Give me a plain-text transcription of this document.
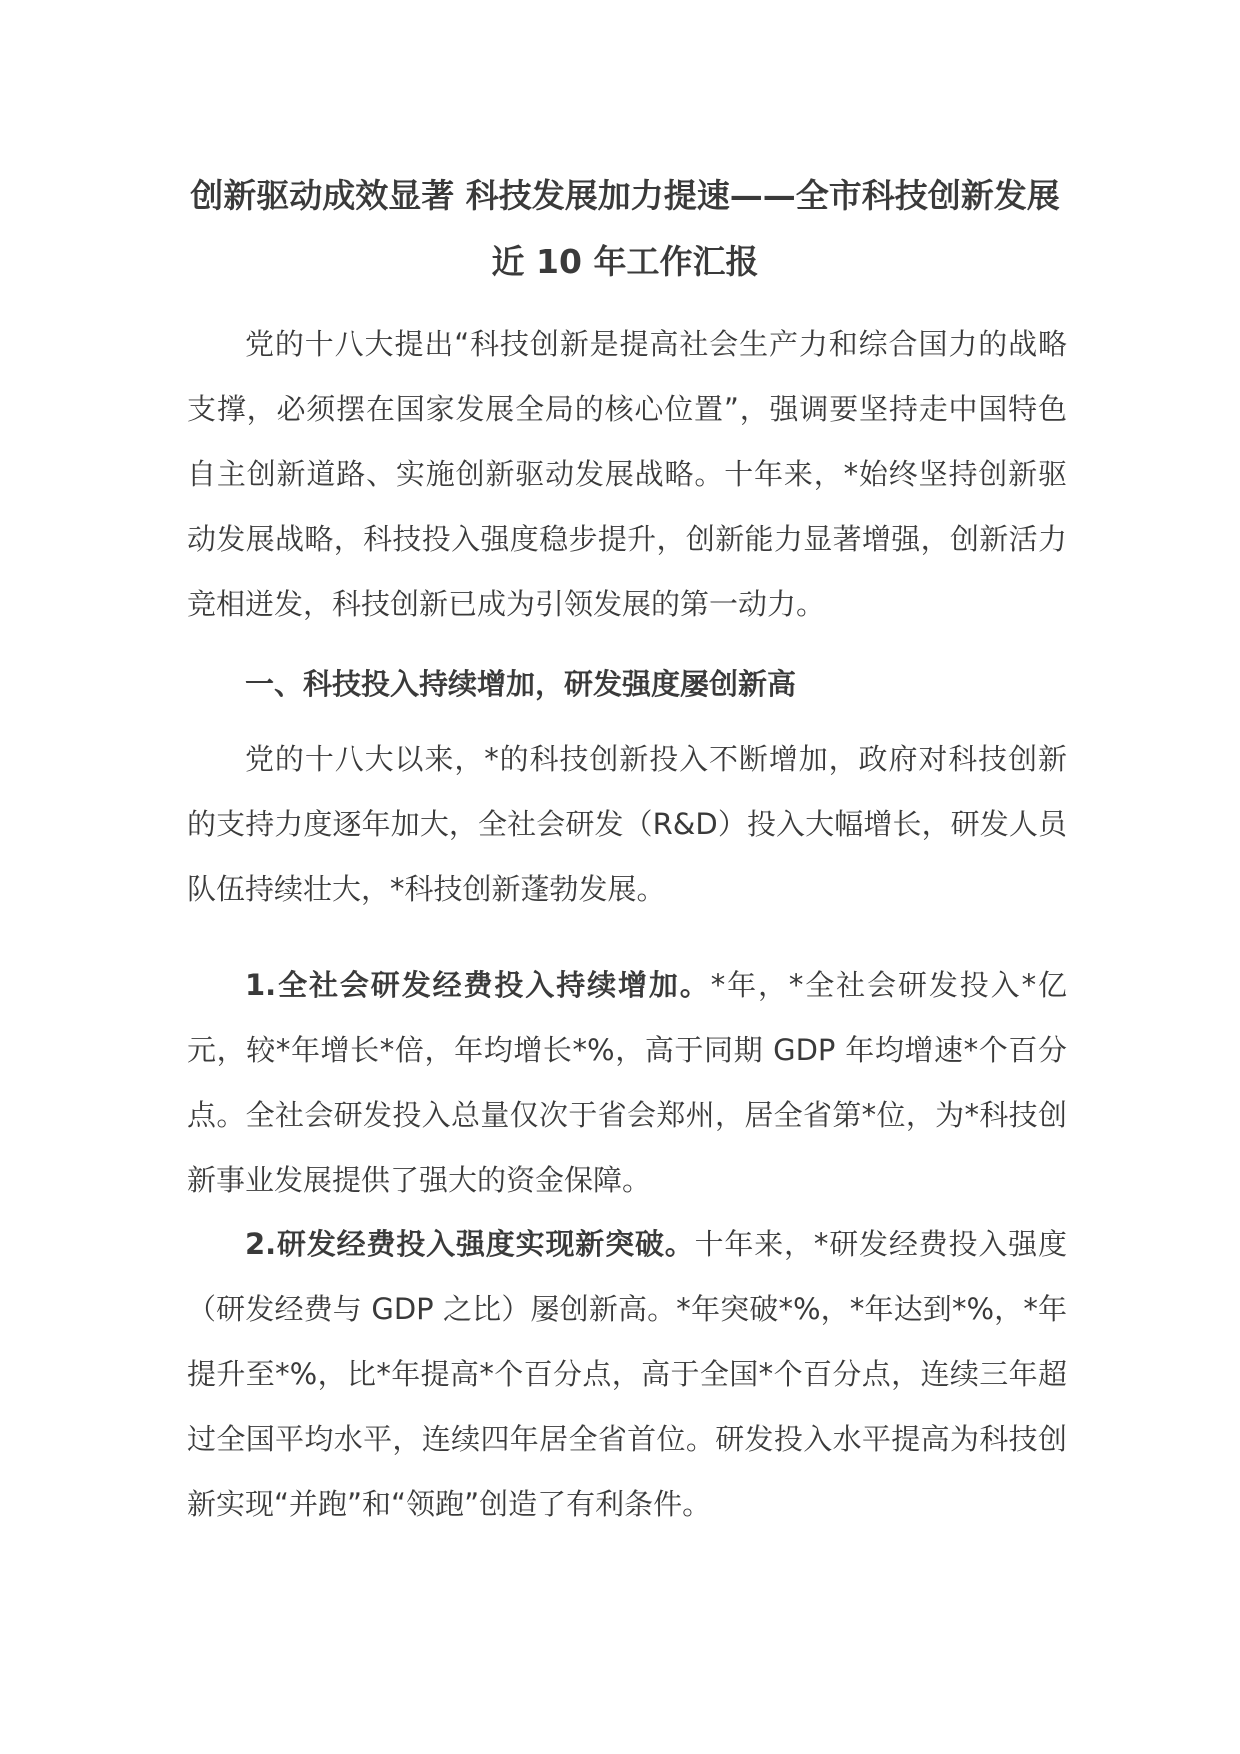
创新驱动成效显著 科技发展加力提速——全市科技创新发展近 10 年工作汇报

党的十八大提出“科技创新是提高社会生产力和综合国力的战略支撑，必须摆在国家发展全局的核心位置”，强调要坚持走中国特色自主创新道路、实施创新驱动发展战略。十年来，*始终坚持创新驱动发展战略，科技投入强度稳步提升，创新能力显著增强，创新活力竞相迸发，科技创新已成为引领发展的第一动力。

一、科技投入持续增加，研发强度屡创新高

党的十八大以来，*的科技创新投入不断增加，政府对科技创新的支持力度逐年加大，全社会研发（R&D）投入大幅增长，研发人员队伍持续壮大，*科技创新蓬勃发展。

1.全社会研发经费投入持续增加。*年，*全社会研发投入*亿元，较*年增长*倍，年均增长*%，高于同期 GDP 年均增速*个百分点。全社会研发投入总量仅次于省会郑州，居全省第*位，为*科技创新事业发展提供了强大的资金保障。

2.研发经费投入强度实现新突破。十年来，*研发经费投入强度（研发经费与 GDP 之比）屡创新高。*年突破*%，*年达到*%，*年提升至*%，比*年提高*个百分点，高于全国*个百分点，连续三年超过全国平均水平，连续四年居全省首位。研发投入水平提高为科技创新实现“并跑”和“领跑”创造了有利条件。
